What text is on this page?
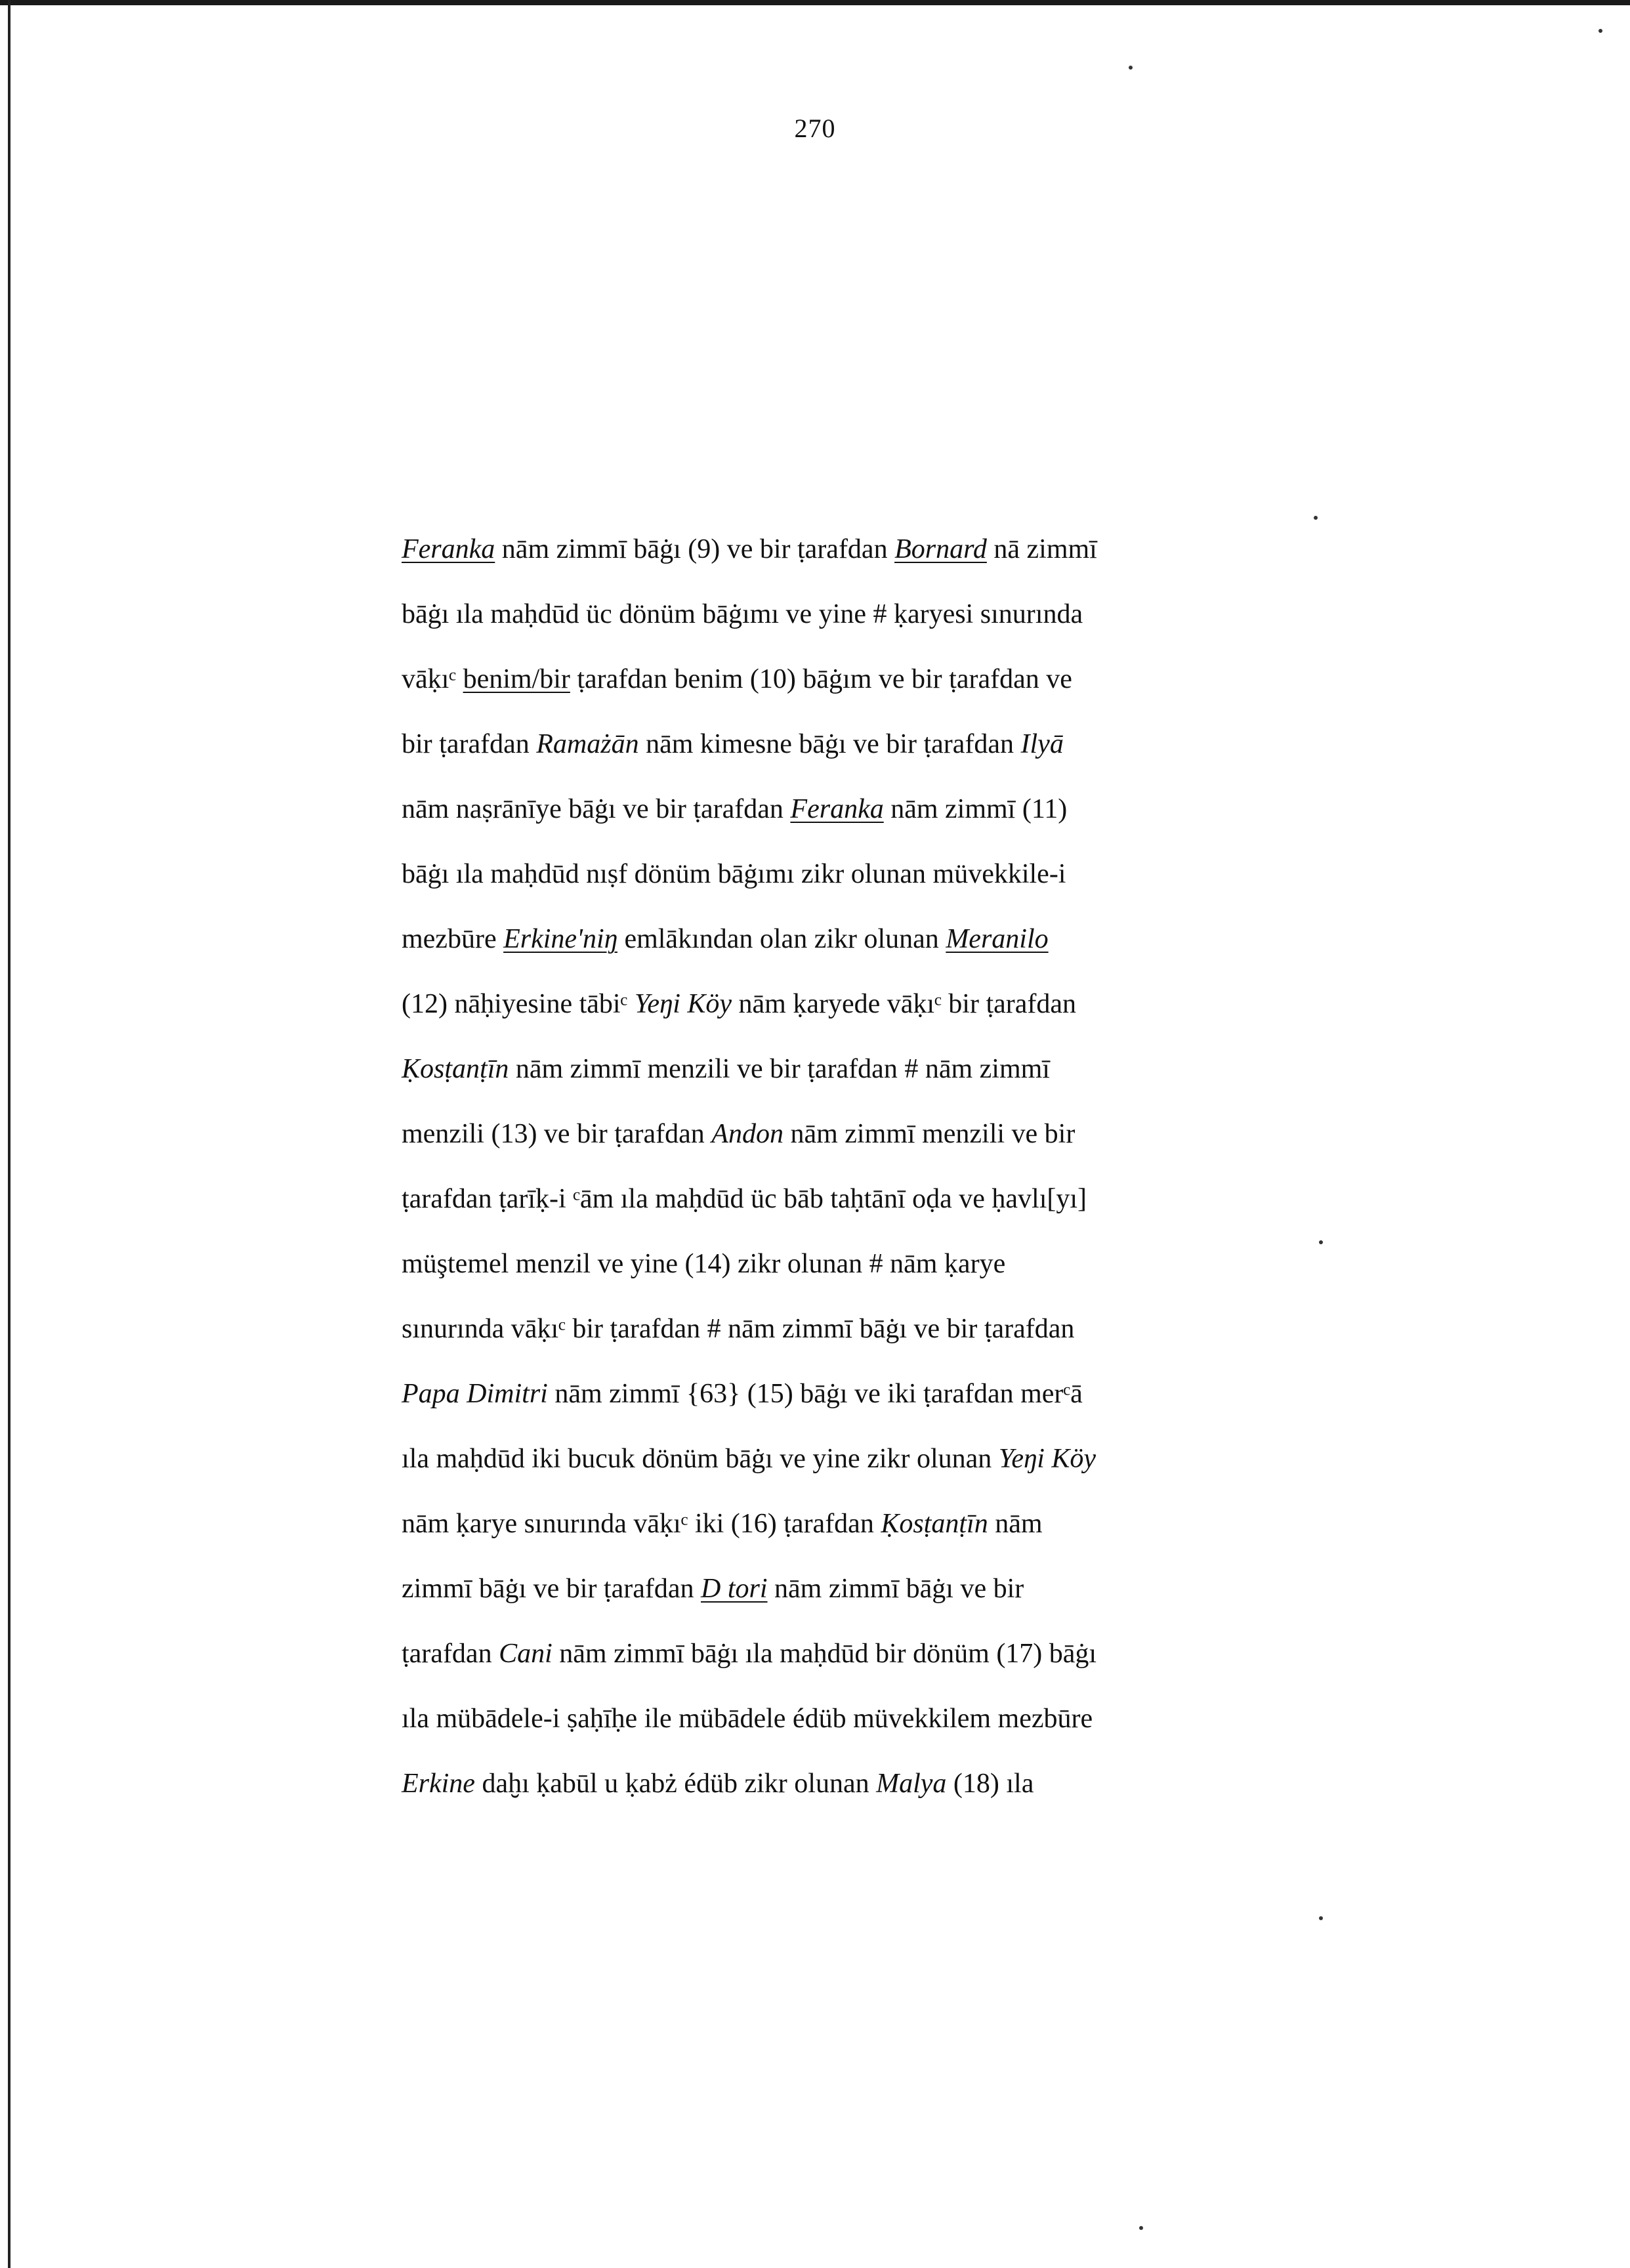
270
Feranka nām zimmī bāġı (9) ve bir ṭarafdan Bornard nā zimmī
bāġı ıla maḥdūd üc dönüm bāġımı ve yine # ḳaryesi sınurında
vāḳıᶜ benim/bir ṭarafdan benim (10) bāġım ve bir ṭarafdan ve
bir ṭarafdan Ramażān nām kimesne bāġı ve bir ṭarafdan Ilyā
nām naṣrānīye bāġı ve bir ṭarafdan Feranka nām zimmī (11)
bāġı ıla maḥdūd nıṣf dönüm bāġımı zikr olunan müvekkile-i
mezbūre Erkine'niŋ emlākından olan zikr olunan Meranilo
(12) nāḥiyesine tābiᶜ Yeŋi Köy nām ḳaryede vāḳıᶜ bir ṭarafdan
Ḳosṭanṭīn nām zimmī menzili ve bir ṭarafdan # nām zimmī
menzili (13) ve bir ṭarafdan Andon nām zimmī menzili ve bir
ṭarafdan ṭarīḳ-i ᶜām ıla maḥdūd üc bāb taḥtānī oḍa ve ḥavlı[yı]
müştemel menzil ve yine (14) zikr olunan # nām ḳarye
sınurında vāḳıᶜ bir ṭarafdan # nām zimmī bāġı ve bir ṭarafdan
Papa Dimitri nām zimmī {63} (15) bāġı ve iki ṭarafdan merᶜā
ıla maḥdūd iki bucuk dönüm bāġı ve yine zikr olunan Yeŋi Köy
nām ḳarye sınurında vāḳıᶜ iki (16) ṭarafdan Ḳosṭanṭīn nām
zimmī bāġı ve bir ṭarafdan D tori nām zimmī bāġı ve bir
ṭarafdan Cani nām zimmī bāġı ıla maḥdūd bir dönüm (17) bāġı
ıla mübādele-i ṣaḥīḥe ile mübādele édüb müvekkilem mezbūre
Erkine daḫı ḳabūl u ḳabż édüb zikr olunan Malya (18) ıla
